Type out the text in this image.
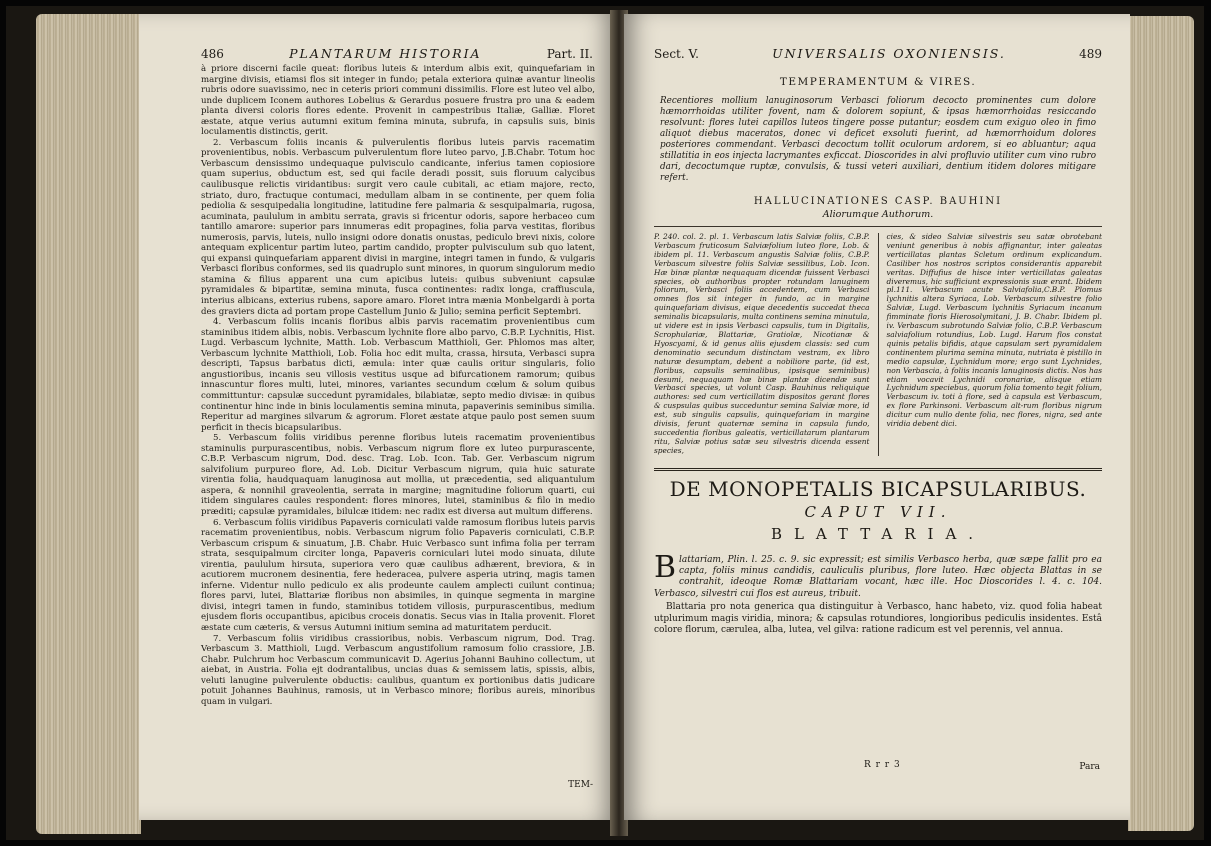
486	PLANTARUM HISTORIA	Part. II.

à priore discerni facile queat: floribus luteis & interdum albis exit, quinquefariam in margine divisis, etiamsi flos sit integer in fundo; petala exteriora quinæ avantur lineolis rubris odore suavissimo, nec in ceteris priori communi dissimilis. Flore est luteo vel albo, unde duplicem Iconem authores Lobelius & Gerardus posuere frustra pro una & eadem planta diversi coloris flores edente. Provenit in campestribus Italiæ, Galliæ. Floret æstate, atque verius autumni exitum femina minuta, subrufa, in capsulis suis, binis loculamentis distinctis, gerit.

2. Verbascum foliis incanis & pulverulentis floribus luteis parvis racematim provenientibus, nobis. Verbascum pulverulentum flore luteo parvo, J.B.Chabr. Totum hoc Verbascum densissimo undequaque pulvisculo candicante, inferius tamen copiosiore quam superius, obductum est, sed qui facile deradi possit, suis floruum calycibus caulibusque relictis viridantibus: surgit vero caule cubitali, ac etiam majore, recto, striato, duro, fractuque contumaci, medullam albam in se continente, per quem folia pediolia & sesquipedalia longitudine, latitudine fere palmaria & sesquipalmaria, rugosa, acuminata, paululum in ambitu serrata, gravis si fricentur odoris, sapore herbaceo cum tantillo amarore: superior pars innumeras edit propagines, folia parva vestitas, floribus numerosis, parvis, luteis, nullo insigni odore donatis onustas, pediculo brevi nixis, colore antequam explicentur partim luteo, partim candido, propter pulvisculum sub quo latent, qui expansi quinquefariam apparent divisi in margine, integri tamen in fundo, & vulgaris Verbasci floribus conformes, sed iis quadruplo sunt minores, in quorum singulorum medio stamina & filius apparent una cum apicibus luteis: quibus subveniunt capsulæ pyramidales & bipartitæ, semina minuta, fusca continentes: radix longa, craffiuscula, interius albicans, exterius rubens, sapore amaro. Floret intra mænia Monbelgardi à porta des graviers dicta ad portam prope Castellum Junio & Julio; semina perficit Septembri.

4. Verbascum foliis incanis floribus albis parvis racematim provenientibus cum staminibus itidem albis, nobis. Verbascum lychnite flore albo parvo, C.B.P. Lychnitis, Hist. Lugd. Verbascum lychnite, Matth. Lob. Verbascum Matthioli, Ger. Phlomos mas alter, Verbascum lychnite Matthioli, Lob. Folia hoc edit multa, crassa, hirsuta, Verbasci supra descripti, Tapsus barbatus dicti, æmula: inter quæ caulis oritur singularis, folio angustioribus, incanis seu villosis vestitus usque ad bifurcationem ramorum; quibus innascuntur flores multi, lutei, minores, variantes secundum cœlum & solum quibus committuntur: capsulæ succedunt pyramidales, bilabiatæ, septo medio divisæ: in quibus continentur hinc inde in binis loculamentis semina minuta, papaverinis seminibus similia. Reperitur ad margines silvarum & agrorum. Floret æstate atque paulo post semen suum perficit in thecis bicapsularibus.

5. Verbascum foliis viridibus perenne floribus luteis racematim provenientibus staminulis purpurascentibus, nobis. Verbascum nigrum flore ex luteo purpurascente, C.B.P. Verbascum nigrum, Dod. desc. Trag. Lob. Icon. Tab. Ger. Verbascum nigrum salvifolium purpureo flore, Ad. Lob. Dicitur Verbascum nigrum, quia huic saturate virentia folia, haudquaquam lanuginosa aut mollia, ut præcedentia, sed aliquantulum aspera, & nonnihil graveolentia, serrata in margine; magnitudine foliorum quarti, cui itidem singulares caules respondent: flores minores, lutei, staminibus & filo in medio præditi; capsulæ pyramidales, bilulcæ itidem: nec radix est diversa aut multum differens.

6. Verbascum foliis viridibus Papaveris corniculati valde ramosum floribus luteis parvis racematim provenientibus, nobis. Verbascum nigrum folio Papaveris corniculati, C.B.P. Verbascum crispum & sinuatum, J.B. Chabr. Huic Verbasco sunt infima folia per terram strata, sesquipalmum circiter longa, Papaveris corniculari lutei modo sinuata, dilute virentia, paululum hirsuta, superiora vero quæ caulibus adhærent, breviora, & in acutiorem mucronem desinentia, fere hederacea, pulvere asperia utrinq, magis tamen inferne. Videntur nullo pediculo ex alis prodeunte caulem amplecti cuilunt continua; flores parvi, lutei, Blattariæ floribus non absimiles, in quinque segmenta in margine divisi, integri tamen in fundo, staminibus totidem villosis, purpurascentibus, medium ejusdem floris occupantibus, apicibus croceis donatis. Secus vias in Italia provenit. Floret æstate cum cæteris, & versus Autumni initium semina ad maturitatem perducit.

7. Verbascum foliis viridibus crassioribus, nobis. Verbascum nigrum, Dod. Trag. Verbascum 3. Matthioli, Lugd. Verbascum angustifolium ramosum folio crassiore, J.B. Chabr. Pulchrum hoc Verbascum communicavit D. Agerius Johanni Bauhino collectum, ut aiebat, in Austria. Folia ejt dodrantalibus, uncias duas & semissem latis, spissis, albis, veluti lanugine pulverulente obductis: caulibus, quantum ex portionibus datis judicare potuit Johannes Bauhinus, ramosis, ut in Verbasco minore; floribus aureis, minoribus quam in vulgari.

TEM-
Sect. V.	UNIVERSALIS OXONIENSIS.	489
TEMPERAMENTUM & VIRES.
Recentiores mollium lanuginosorum Verbasci foliorum decocto prominentes cum dolore hæmorrhoidas utiliter fovent, nam & dolorem sopiunt, & ipsas hæmorrhoidas resiccando resolvunt: flores lutei capillos luteos tingere posse putantur; eosdem cum exiguo oleo in fimo aliquot diebus maceratos, donec vi deficet exsoluti fuerint, ad hæmorrhoidum dolores posteriores commendant. Verbasci decoctum tollit oculorum ardorem, si eo abluantur; aqua stillatitia in eos injecta lacrymantes exficcat. Dioscorides in alvi profluvio utiliter cum vino rubro dari, decoctumque ruptæ, convulsis, & tussi veteri auxiliari, dentium itidem dolores mitigare refert.
HALLUCINATIONES CASP. BAUHINI
Aliorumque Authorum.
P. 240. col. 2. pl. 1. Verbascum latis Salviæ foliis, C.B.P. Verbascum fruticosum Salviæfolium luteo flore, Lob. & ibidem pl. 11. Verbascum angustis Salviæ foliis, C.B.P. Verbascum silvestre foliis Salviæ sessilibus, Lob. Icon. Hæ binæ plantæ nequaquam dicendæ fuissent Verbasci species, ob authoribus propter rotundam lanuginem foliorum, Verbasci foliis accedentem, cum Verbasci omnes flos sit integer in fundo, ac in margine quinquefariam divisus, eique decedentis succedat theca seminalis bicapsularis, multa continens semina minutula, ut videre est in ipsis Verbasci capsulis, tum in Digitalis, Scrophulariæ, Blattariæ, Gratiolæ, Nicotianæ & Hyoscyami, & id genus aliis ejusdem classis: sed cum denominatio secundum distinctam vestram, ex libro naturæ desumptam, debent a nobiliore parte, (id est, floribus, capsulis seminalibus, ipsisque seminibus) desumi, nequaquam hæ binæ plantæ dicendæ sunt Verbasci species, ut volunt Casp. Bauhinus reliquique authores: sed cum verticillatim dispositos gerant flores & cuspsulas quibus succeduntur semina Salviæ more, id est, sub singulis capsulis, quinquefariam in margine divisis, ferunt quaternæ semina in capsula fundo, succedentia floribus galeatis, verticillatarum plantarum ritu, Salviæ potius satæ seu silvestris dicenda essent species,
cies, & sideo Salviæ silvestris seu satæ obrotebant veniunt generibus à nobis affignantur, inter galeatas verticillatas plantas Scletum ordinum explicandum. Casiliber hos nostros scriptos considerantis apparebit veritas. Diffufius de hisce inter verticillatas galeatas diveremus, hic sufficiunt expressionis suæ erant. Ibidem pl.111. Verbascum acute Salviafolia,C.B.P. Plomus lychnitis altera Syriaca, Lob. Verbascum silvestre folio Salviæ, Lugd. Verbascum lychnitis Syriacum incanum fimminate floris Hierosolymitani, J. B. Chabr. Ibidem pl. iv. Verbascum subrotundo Salviæ folio, C.B.P. Verbascum salviafolium rotundius, Lob. Lugd. Harum flos constat quinis petalis bifidis, atque capsulam sert pyramidalem continentem plurima semina minuta, nutriata è pistillo in medio capsulæ, Lychnidum more; ergo sunt Lychnides, non Verbascia, à foliis incanis lanuginosis dictis. Nos has etiam vocavit Lychnidi coronariæ, alisque etiam Lychnidum speciebus, quorum folia tomento tegit folium, Verbascum iv. toti à flore, sed à capsula est Verbascum, ex flore Parkinsoni. Verbascum alt-rum floribus nigrum dicitur cum nullo dente folia, nec flores, nigra, sed ante viridia debent dici.
DE MONOPETALIS BICAPSULARIBUS.
CAPUT VII.
BLATTARIA.
Blattariam, Plin. l. 25. c. 9. sic expressit; est similis Verbasco herba, quæ sæpe fallit pro ea capta, foliis minus candidis, cauliculis pluribus, flore luteo. Hæc objecta Blattas in se contrahit, ideoque Romæ Blattariam vocant, hæc ille. Hoc Dioscorides l. 4. c. 104. Verbasco, silvestri cui flos est aureus, tribuit.
Blattaria pro nota generica qua distinguitur à Verbasco, hanc habeto, viz. quod folia habeat utplurimum magis viridia, minora; & capsulas rotundiores, longioribus pediculis insidentes. Estâ colore florum, cærulea, alba, lutea, vel gilva: ratione radicum est vel perennis, vel annua.
R r r 3	Para
